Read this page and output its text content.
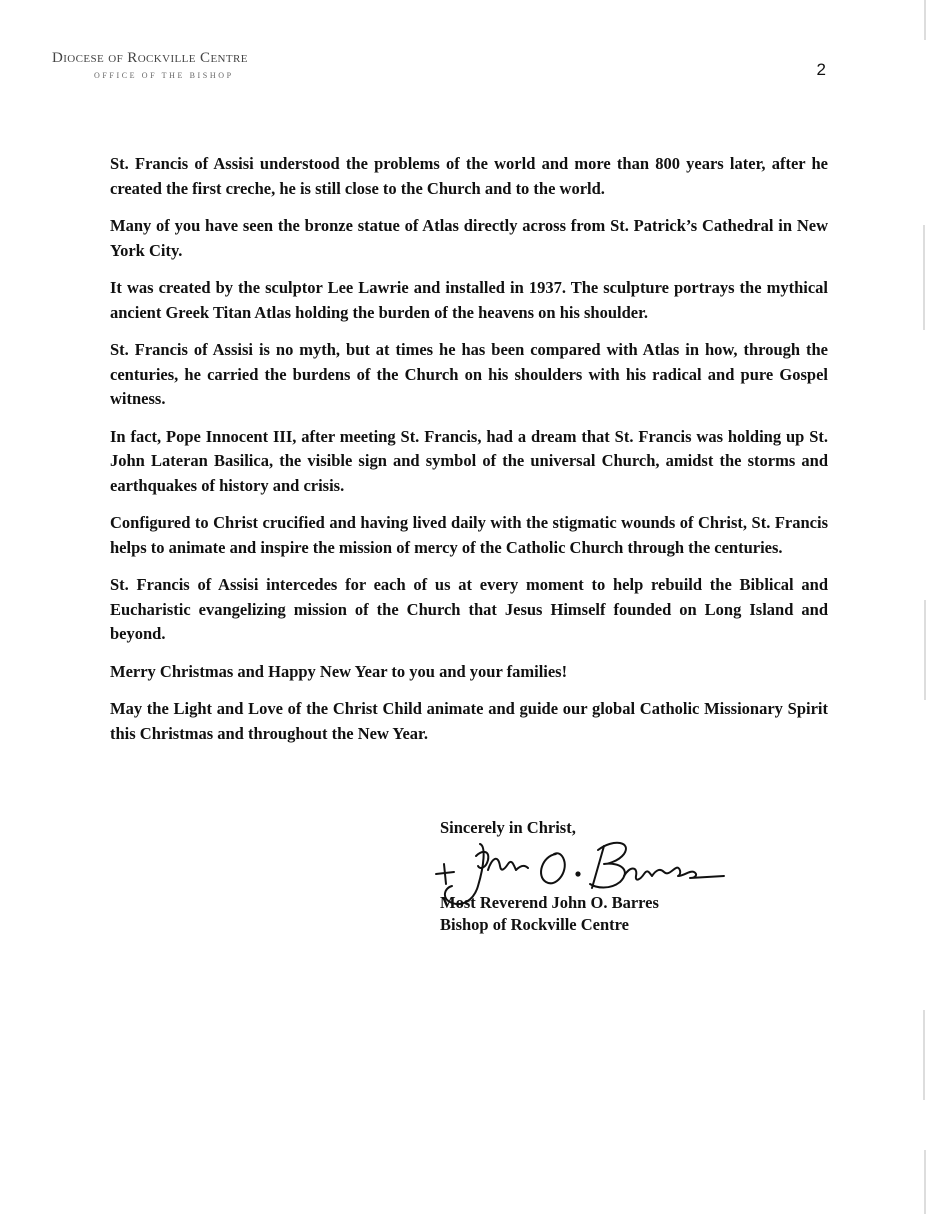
Diocese of Rockville Centre
OFFICE OF THE BISHOP	2

St. Francis of Assisi understood the problems of the world and more than 800 years later, after he created the first creche, he is still close to the Church and to the world.

Many of you have seen the bronze statue of Atlas directly across from St. Patrick’s Cathedral in New York City.

It was created by the sculptor Lee Lawrie and installed in 1937. The sculpture portrays the mythical ancient Greek Titan Atlas holding the burden of the heavens on his shoulder.

St. Francis of Assisi is no myth, but at times he has been compared with Atlas in how, through the centuries, he carried the burdens of the Church on his shoulders with his radical and pure Gospel witness.

In fact, Pope Innocent III, after meeting St. Francis, had a dream that St. Francis was holding up St. John Lateran Basilica, the visible sign and symbol of the universal Church, amidst the storms and earthquakes of history and crisis.

Configured to Christ crucified and having lived daily with the stigmatic wounds of Christ, St. Francis helps to animate and inspire the mission of mercy of the Catholic Church through the centuries.

St. Francis of Assisi intercedes for each of us at every moment to help rebuild the Biblical and Eucharistic evangelizing mission of the Church that Jesus Himself founded on Long Island and beyond.

Merry Christmas and Happy New Year to you and your families!

May the Light and Love of the Christ Child animate and guide our global Catholic Missionary Spirit this Christmas and throughout the New Year.

Sincerely in Christ,
Most Reverend John O. Barres
Bishop of Rockville Centre
